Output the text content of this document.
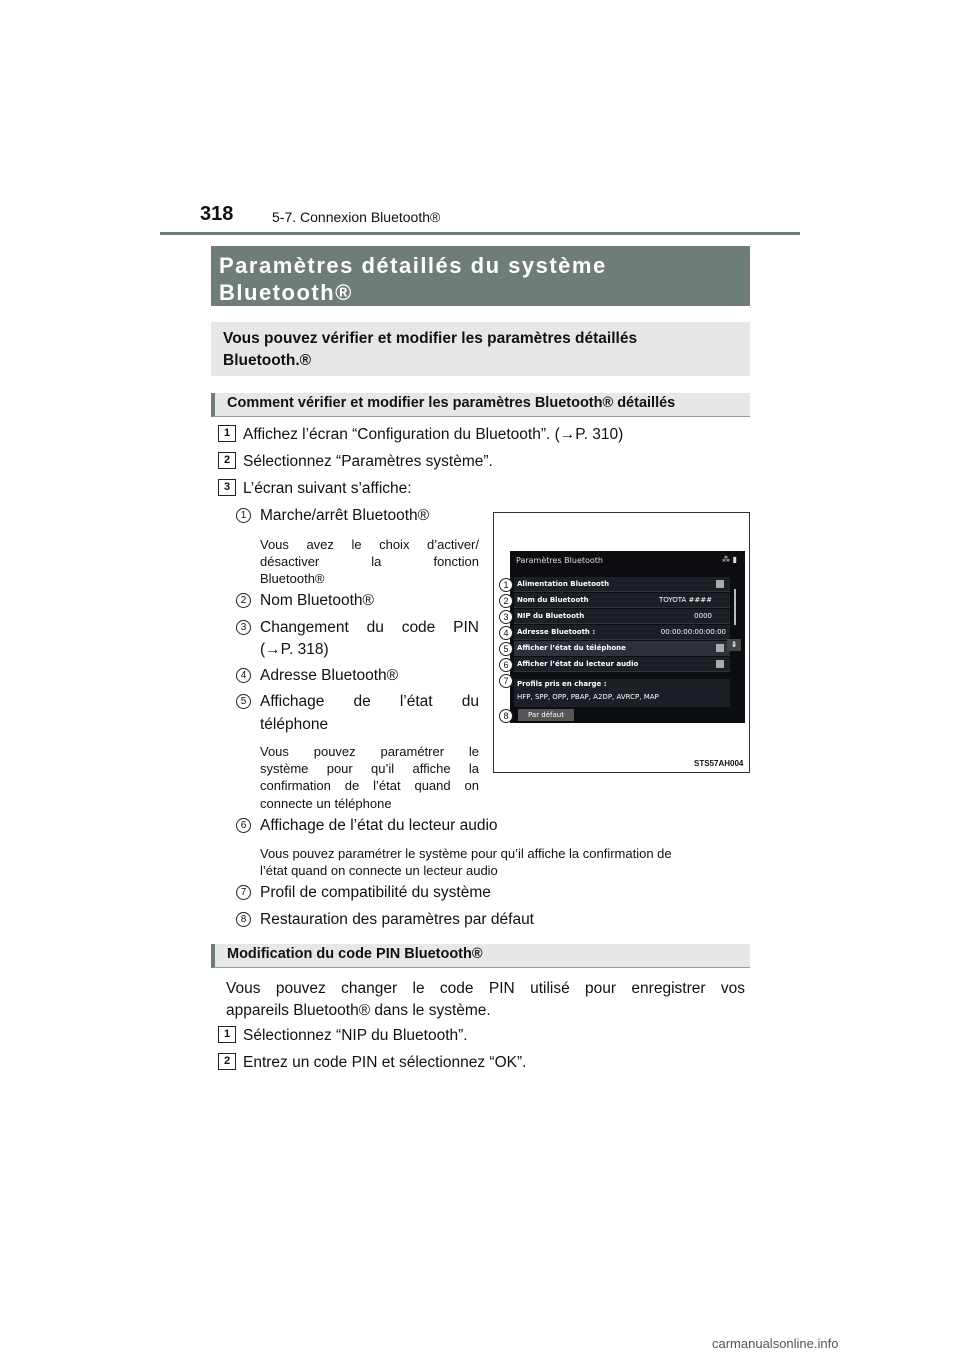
318	5-7. Connexion Bluetooth®
Paramètres détaillés du système
Bluetooth®
Vous pouvez vérifier et modifier les paramètres détaillés
Bluetooth.®
Comment vérifier et modifier les paramètres Bluetooth® détaillés
1 Affichez l’écran “Configuration du Bluetooth”. (→P. 310)
2 Sélectionnez “Paramètres système”.
3 L’écran suivant s’affiche:
1 Marche/arrêt Bluetooth®
Vous avez le choix d’activer/
désactiver la fonction
Bluetooth®
2 Nom Bluetooth®
3 Changement du code PIN
(→P. 318)
4 Adresse Bluetooth®
5 Affichage de l’état du
téléphone
Vous pouvez paramétrer le
système pour qu’il affiche la
confirmation de l’état quand on
connecte un téléphone
6 Affichage de l’état du lecteur audio
Vous pouvez paramétrer le système pour qu’il affiche la confirmation de
l’état quand on connecte un lecteur audio
7 Profil de compatibilité du système
8 Restauration des paramètres par défaut
Paramètres Bluetooth	⁂ ▮
Alimentation Bluetooth
Nom du Bluetooth	TOYOTA ####
NIP du Bluetooth	0000
Adresse Bluetooth :	00:00:00:00:00:00
Afficher l’état du téléphone
Afficher l’état du lecteur audio
⇟
Profils pris en charge :
HFP, SPP, OPP, PBAP, A2DP, AVRCP, MAP
Par défaut
1
2
3
4
5
6
7
8
STS57AH004
Modification du code PIN Bluetooth®
Vous pouvez changer le code PIN utilisé pour enregistrer vos
appareils Bluetooth® dans le système.
1 Sélectionnez “NIP du Bluetooth”.
2 Entrez un code PIN et sélectionnez “OK”.
carmanualsonline.info
